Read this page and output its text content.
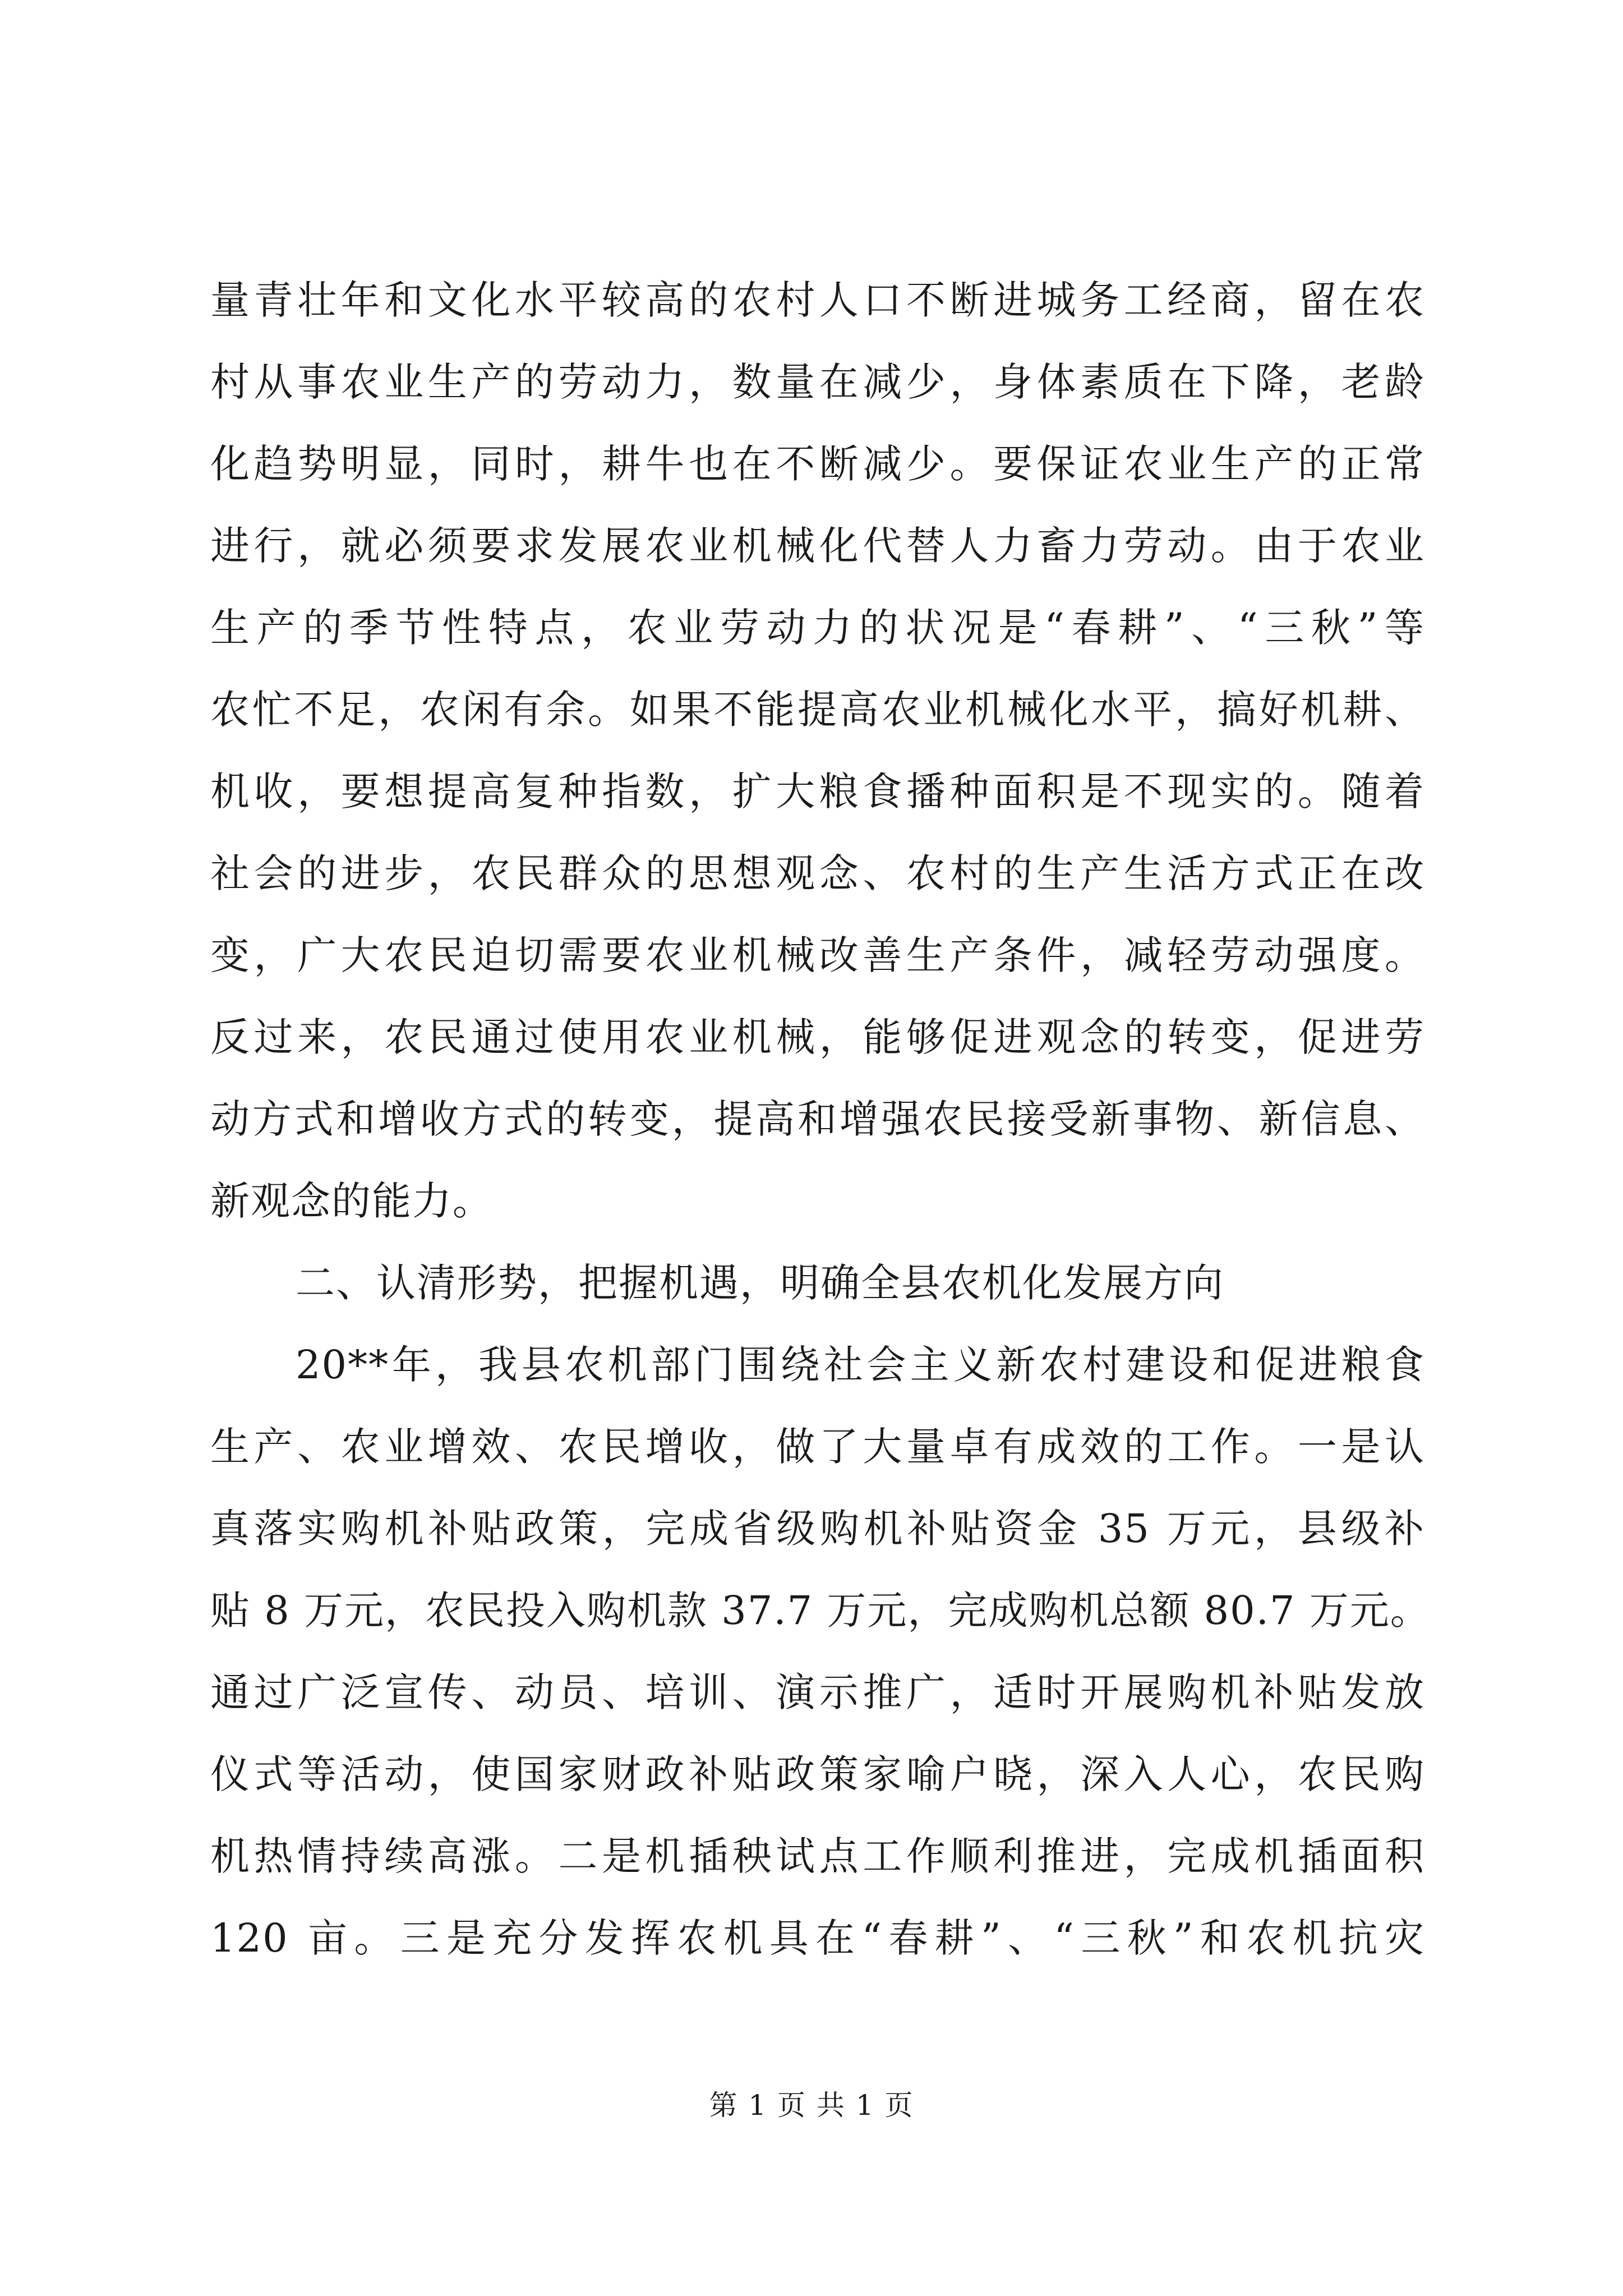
量青壮年和文化水平较高的农村人口不断进城务工经商，留在农
村从事农业生产的劳动力，数量在减少，身体素质在下降，老龄
化趋势明显，同时，耕牛也在不断减少。要保证农业生产的正常
进行，就必须要求发展农业机械化代替人力畜力劳动。由于农业
生产的季节性特点，农业劳动力的状况是“春耕”、“三秋”等
农忙不足，农闲有余。如果不能提高农业机械化水平，搞好机耕、
机收，要想提高复种指数，扩大粮食播种面积是不现实的。随着
社会的进步，农民群众的思想观念、农村的生产生活方式正在改
变，广大农民迫切需要农业机械改善生产条件，减轻劳动强度。
反过来，农民通过使用农业机械，能够促进观念的转变，促进劳
动方式和增收方式的转变，提高和增强农民接受新事物、新信息、
新观念的能力。
二、认清形势，把握机遇，明确全县农机化发展方向
20**年，我县农机部门围绕社会主义新农村建设和促进粮食
生产、农业增效、农民增收，做了大量卓有成效的工作。一是认
真落实购机补贴政策，完成省级购机补贴资金 35 万元，县级补
贴 8 万元，农民投入购机款 37.7 万元，完成购机总额 80.7 万元。
通过广泛宣传、动员、培训、演示推广，适时开展购机补贴发放
仪式等活动，使国家财政补贴政策家喻户晓，深入人心，农民购
机热情持续高涨。二是机插秧试点工作顺利推进，完成机插面积
120 亩。三是充分发挥农机具在“春耕”、“三秋”和农机抗灾
第 1 页 共 1 页
